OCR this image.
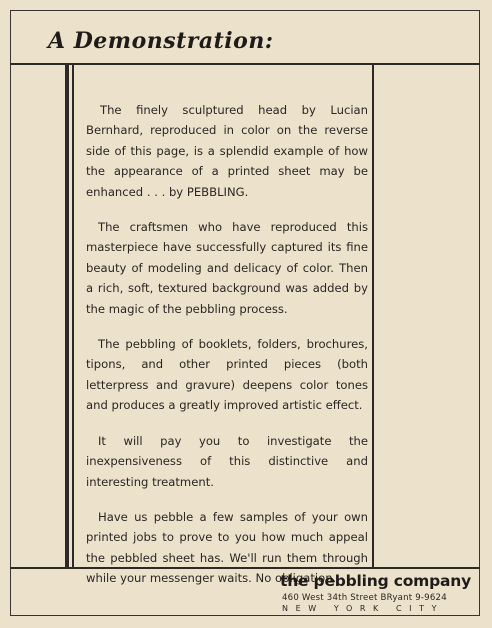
A Demonstration:

The finely sculptured head by Lucian Bernhard, reproduced in color on the reverse side of this page, is a splendid example of how the appearance of a printed sheet may be enhanced . . . by PEBBLING.

The craftsmen who have reproduced this masterpiece have successfully captured its fine beauty of modeling and delicacy of color. Then a rich, soft, textured background was added by the magic of the pebbling process.

The pebbling of booklets, folders, brochures, tipons, and other printed pieces (both letterpress and gravure) deepens color tones and produces a greatly improved artistic effect.

It will pay you to investigate the inexpensiveness of this distinctive and interesting treatment.

Have us pebble a few samples of your own printed jobs to prove to you how much appeal the pebbled sheet has. We'll run them through while your messenger waits. No obligation.

the pebbling company
460 West 34th Street BRyant 9-9624
NEW YORK CITY
